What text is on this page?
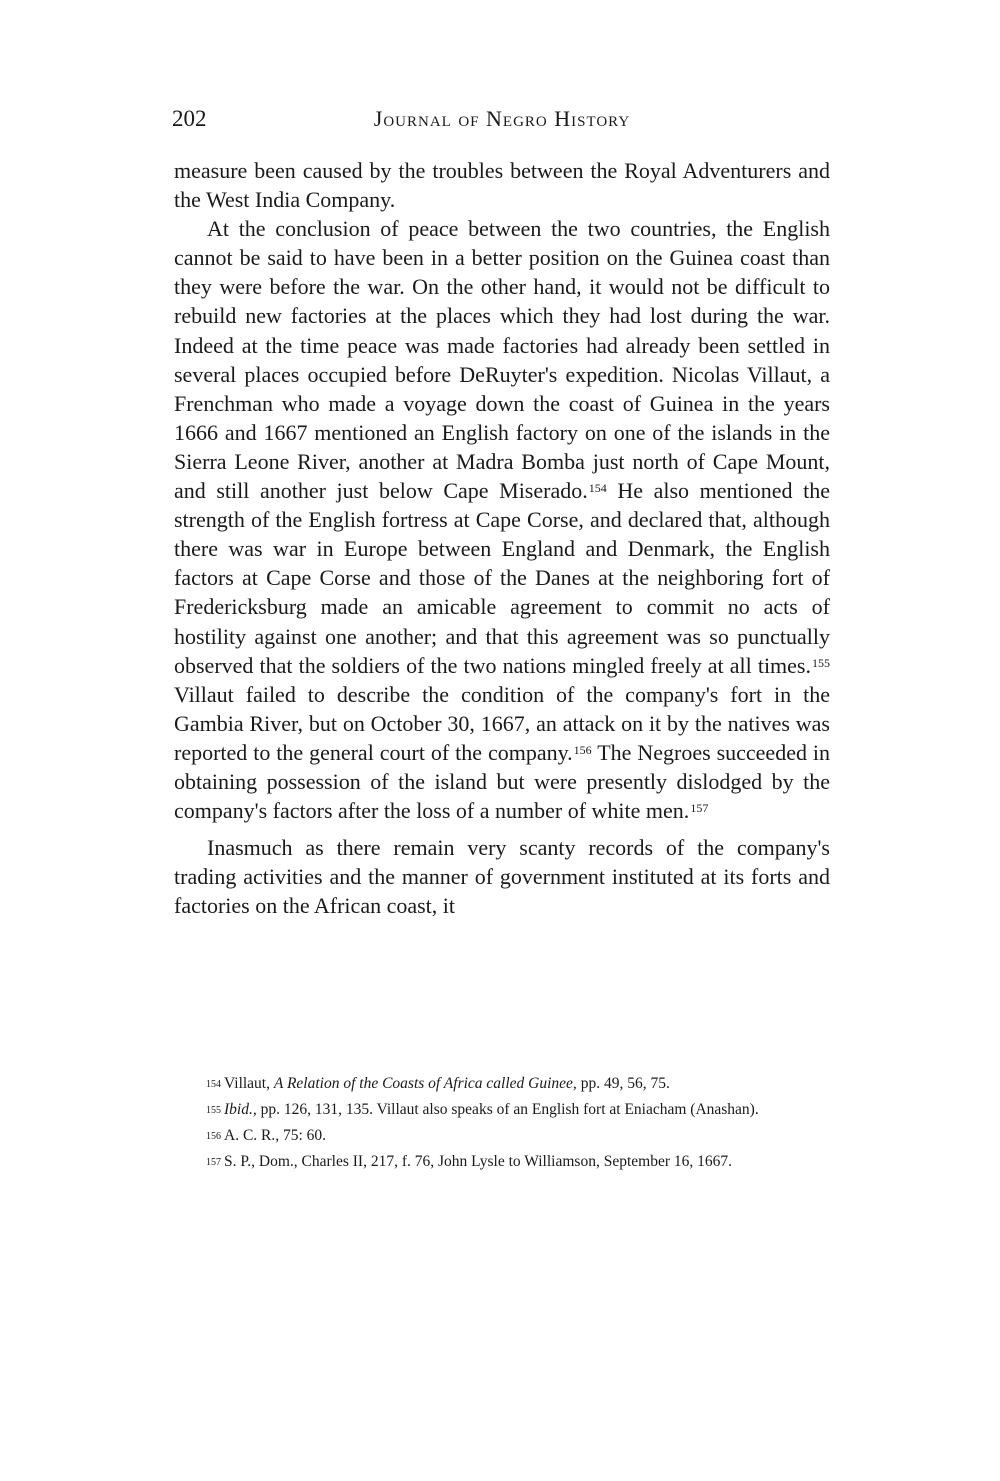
202	Journal of Negro History

measure been caused by the troubles between the Royal Adventurers and the West India Company.

At the conclusion of peace between the two countries, the English cannot be said to have been in a better position on the Guinea coast than they were before the war. On the other hand, it would not be difficult to rebuild new factories at the places which they had lost during the war. Indeed at the time peace was made factories had already been settled in several places occupied before DeRuyter's expedition. Nicolas Villaut, a Frenchman who made a voyage down the coast of Guinea in the years 1666 and 1667 mentioned an English factory on one of the islands in the Sierra Leone River, another at Madra Bomba just north of Cape Mount, and still another just below Cape Miserado.$^{154}$ He also mentioned the strength of the English fortress at Cape Corse, and declared that, although there was war in Europe between England and Denmark, the English factors at Cape Corse and those of the Danes at the neighboring fort of Fredericksburg made an amicable agreement to commit no acts of hostility against one another; and that this agreement was so punctually observed that the soldiers of the two nations mingled freely at all times.$^{155}$ Villaut failed to describe the condition of the company's fort in the Gambia River, but on October 30, 1667, an attack on it by the natives was reported to the general court of the company.$^{156}$ The Negroes succeeded in obtaining possession of the island but were presently dislodged by the company's factors after the loss of a number of white men.$^{157}$

Inasmuch as there remain very scanty records of the company's trading activities and the manner of government instituted at its forts and factories on the African coast, it

$^{154}$ Villaut, A Relation of the Coasts of Africa called Guinee, pp. 49, 56, 75.

$^{155}$ Ibid., pp. 126, 131, 135. Villaut also speaks of an English fort at Eniacham (Anashan).

$^{156}$ A. C. R., 75: 60.

$^{157}$ S. P., Dom., Charles II, 217, f. 76, John Lysle to Williamson, September 16, 1667.
